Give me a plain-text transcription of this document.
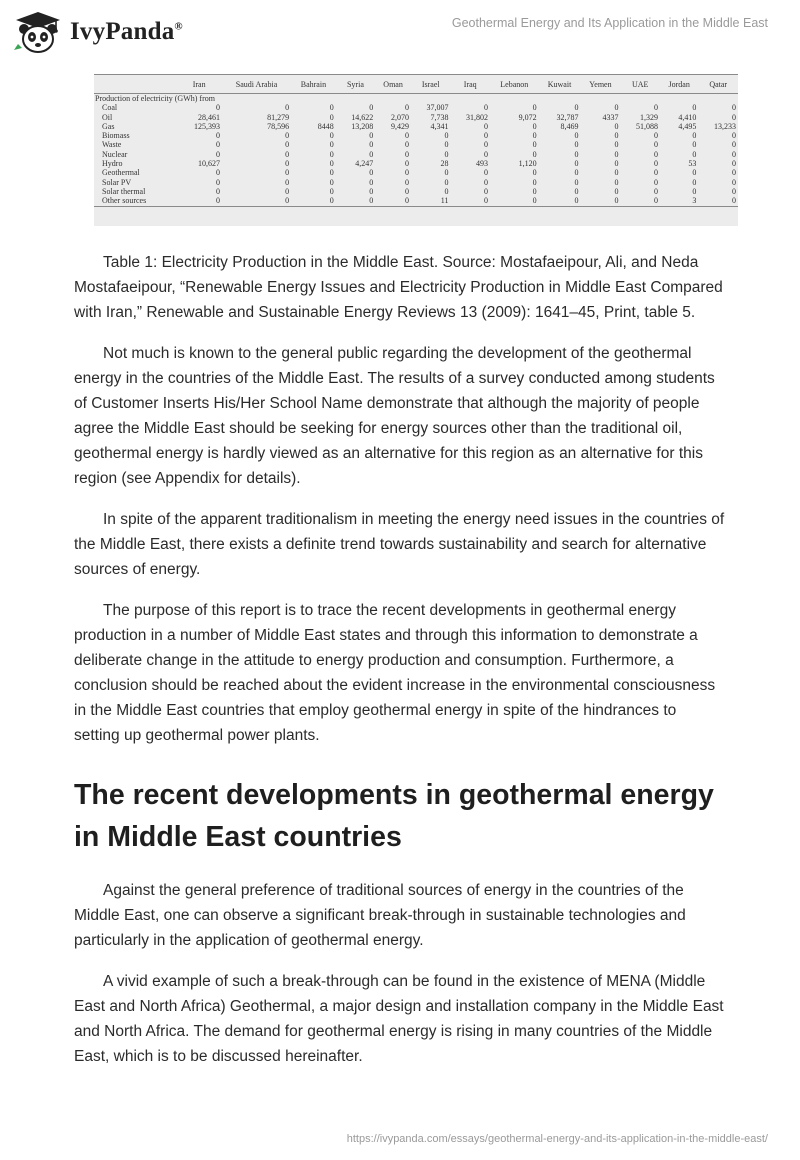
IvyPanda®	Geothermal Energy and Its Application in the Middle East
	Iran	Saudi Arabia	Bahrain	Syria	Oman	Israel	Iraq	Lebanon	Kuwait	Yemen	UAE	Jordan	Qatar
Production of electricity (GWh) from													
Coal	0	0	0	0	0	37,007	0	0	0	0	0	0	0
Oil	28,461	81,279	0	14,622	2,070	7,738	31,802	9,072	32,787	4337	1,329	4,410	0
Gas	125,393	78,596	8448	13,208	9,429	4,341	0	0	8,469	0	51,088	4,495	13,233
Biomass	0	0	0	0	0	0	0	0	0	0	0	0	0
Waste	0	0	0	0	0	0	0	0	0	0	0	0	0
Nuclear	0	0	0	0	0	0	0	0	0	0	0	0	0
Hydro	10,627	0	0	4,247	0	28	493	1,120	0	0	0	53	0
Geothermal	0	0	0	0	0	0	0	0	0	0	0	0	0
Solar PV	0	0	0	0	0	0	0	0	0	0	0	0	0
Solar thermal	0	0	0	0	0	0	0	0	0	0	0	0	0
Other sources	0	0	0	0	0	11	0	0	0	0	0	3	0

Table 1: Electricity Production in the Middle East. Source: Mostafaeipour, Ali, and Neda Mostafaeipour, “Renewable Energy Issues and Electricity Production in Middle East Compared with Iran,” Renewable and Sustainable Energy Reviews 13 (2009): 1641–45, Print, table 5.

Not much is known to the general public regarding the development of the geothermal energy in the countries of the Middle East. The results of a survey conducted among students of Customer Inserts His/Her School Name demonstrate that although the majority of people agree the Middle East should be seeking for energy sources other than the traditional oil, geothermal energy is hardly viewed as an alternative for this region as an alternative for this region (see Appendix for details).

In spite of the apparent traditionalism in meeting the energy need issues in the countries of the Middle East, there exists a definite trend towards sustainability and search for alternative sources of energy.

The purpose of this report is to trace the recent developments in geothermal energy production in a number of Middle East states and through this information to demonstrate a deliberate change in the attitude to energy production and consumption. Furthermore, a conclusion should be reached about the evident increase in the environmental consciousness in the Middle East countries that employ geothermal energy in spite of the hindrances to setting up geothermal power plants.

The recent developments in geothermal energy in Middle East countries

Against the general preference of traditional sources of energy in the countries of the Middle East, one can observe a significant break-through in sustainable technologies and particularly in the application of geothermal energy.

A vivid example of such a break-through can be found in the existence of MENA (Middle East and North Africa) Geothermal, a major design and installation company in the Middle East and North Africa. The demand for geothermal energy is rising in many countries of the Middle East, which is to be discussed hereinafter.

https://ivypanda.com/essays/geothermal-energy-and-its-application-in-the-middle-east/
